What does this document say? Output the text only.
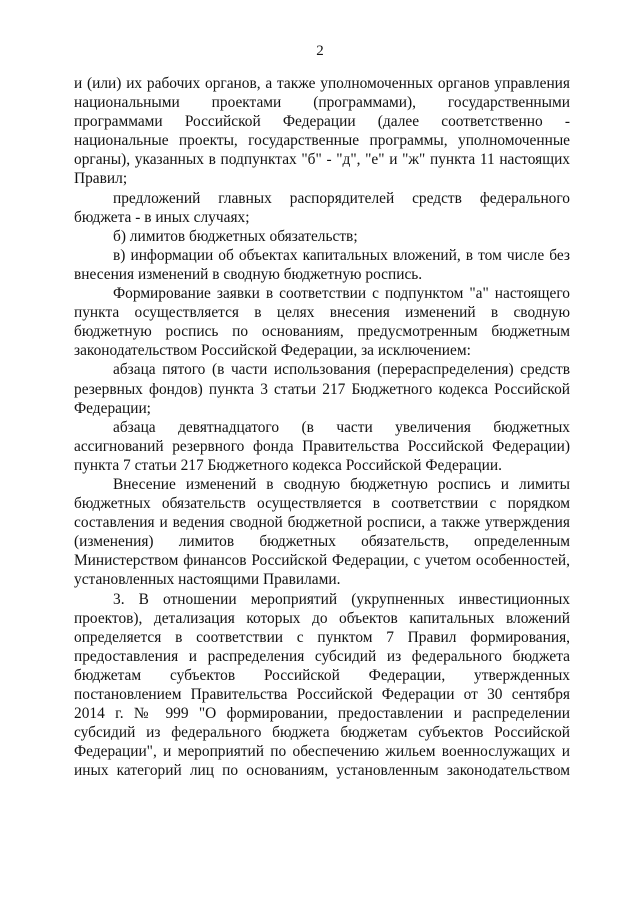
2

и (или) их рабочих органов, а также уполномоченных органов управления национальными проектами (программами), государственными программами Российской Федерации (далее соответственно - национальные проекты, государственные программы, уполномоченные органы), указанных в подпунктах "б" - "д", "е" и "ж" пункта 11 настоящих Правил;

предложений главных распорядителей средств федерального бюджета - в иных случаях;

б) лимитов бюджетных обязательств;

в) информации об объектах капитальных вложений, в том числе без внесения изменений в сводную бюджетную роспись.

Формирование заявки в соответствии с подпунктом "а" настоящего пункта осуществляется в целях внесения изменений в сводную бюджетную роспись по основаниям, предусмотренным бюджетным законодательством Российской Федерации, за исключением:

абзаца пятого (в части использования (перераспределения) средств резервных фондов) пункта 3 статьи 217 Бюджетного кодекса Российской Федерации;

абзаца девятнадцатого (в части увеличения бюджетных ассигнований резервного фонда Правительства Российской Федерации) пункта 7 статьи 217 Бюджетного кодекса Российской Федерации.

Внесение изменений в сводную бюджетную роспись и лимиты бюджетных обязательств осуществляется в соответствии с порядком составления и ведения сводной бюджетной росписи, а также утверждения (изменения) лимитов бюджетных обязательств, определенным Министерством финансов Российской Федерации, с учетом особенностей, установленных настоящими Правилами.

3. В отношении мероприятий (укрупненных инвестиционных проектов), детализация которых до объектов капитальных вложений определяется в соответствии с пунктом 7 Правил формирования, предоставления и распределения субсидий из федерального бюджета бюджетам субъектов Российской Федерации, утвержденных постановлением Правительства Российской Федерации от 30 сентября 2014 г. № 999 "О формировании, предоставлении и распределении субсидий из федерального бюджета бюджетам субъектов Российской Федерации", и мероприятий по обеспечению жильем военнослужащих и иных категорий лиц по основаниям, установленным законодательством
